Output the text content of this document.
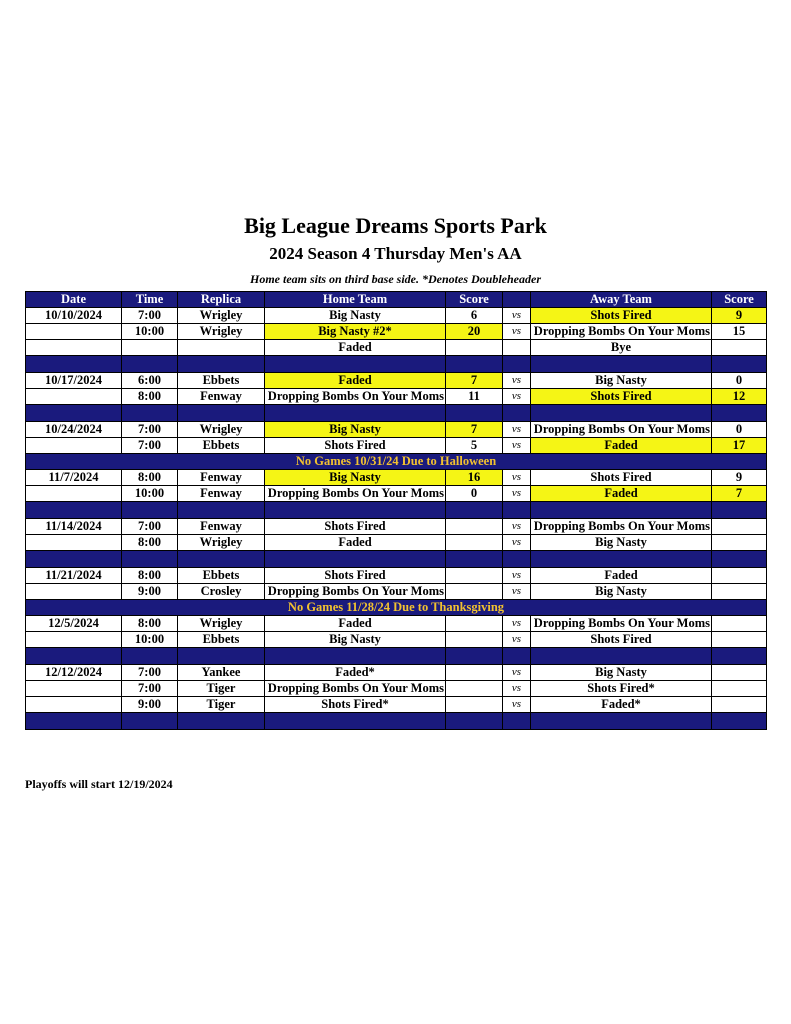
Big League Dreams Sports Park
2024 Season 4 Thursday Men's AA
Home team sits on third base side. *Denotes Doubleheader
Date	Time	Replica	Home Team	Score		Away Team	Score
10/10/2024	7:00	Wrigley	Big Nasty	6	vs	Shots Fired	9
	10:00	Wrigley	Big Nasty #2*	20	vs	Dropping Bombs On Your Moms	15
			Faded			Bye	

10/17/2024	6:00	Ebbets	Faded	7	vs	Big Nasty	0
	8:00	Fenway	Dropping Bombs On Your Moms	11	vs	Shots Fired	12

10/24/2024	7:00	Wrigley	Big Nasty	7	vs	Dropping Bombs On Your Moms	0
	7:00	Ebbets	Shots Fired	5	vs	Faded	17
No Games 10/31/24 Due to Halloween							
11/7/2024	8:00	Fenway	Big Nasty	16	vs	Shots Fired	9
	10:00	Fenway	Dropping Bombs On Your Moms	0	vs	Faded	7

11/14/2024	7:00	Fenway	Shots Fired		vs	Dropping Bombs On Your Moms	
	8:00	Wrigley	Faded		vs	Big Nasty	

11/21/2024	8:00	Ebbets	Shots Fired		vs	Faded	
	9:00	Crosley	Dropping Bombs On Your Moms		vs	Big Nasty	
No Games 11/28/24 Due to Thanksgiving							
12/5/2024	8:00	Wrigley	Faded		vs	Dropping Bombs On Your Moms	
	10:00	Ebbets	Big Nasty		vs	Shots Fired	

12/12/2024	7:00	Yankee	Faded*		vs	Big Nasty	
	7:00	Tiger	Dropping Bombs On Your Moms		vs	Shots Fired*	
	9:00	Tiger	Shots Fired*		vs	Faded*	

Playoffs will start 12/19/2024
